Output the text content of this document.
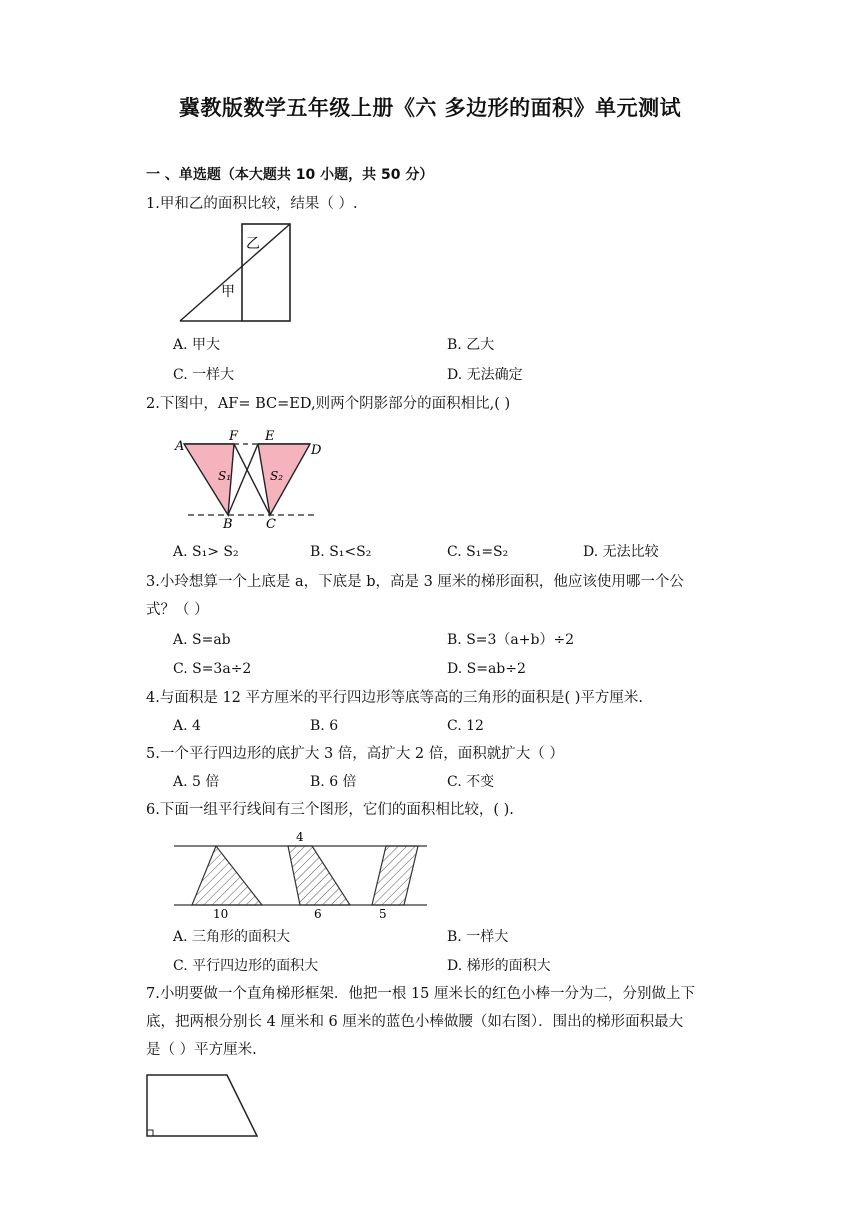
冀教版数学五年级上册《六 多边形的面积》单元测试
一 、单选题（本大题共 10 小题，共 50 分）
1.甲和乙的面积比较，结果（ ）.
乙
甲
A. 甲大	B. 乙大
C. 一样大	D. 无法确定
2.下图中，AF= BC=ED,则两个阴影部分的面积相比,( )
A
F E
D
B	C
S₁	S₂
A. S₁> S₂	B. S₁<S₂	C. S₁=S₂	D. 无法比较
3.小玲想算一个上底是 a，下底是 b，高是 3 厘米的梯形面积，他应该使用哪一个公
式？（ ）
A. S=ab	B. S=3（a+b）÷2
C. S=3a÷2	D. S=ab÷2
4.与面积是 12 平方厘米的平行四边形等底等高的三角形的面积是( )平方厘米.
A. 4	B. 6	C. 12
5.一个平行四边形的底扩大 3 倍，高扩大 2 倍，面积就扩大（ ）
A. 5 倍	B. 6 倍	C. 不变
6.下面一组平行线间有三个图形，它们的面积相比较，( ).
4
10	6	5
A. 三角形的面积大	B. 一样大
C. 平行四边形的面积大	D. 梯形的面积大
7.小明要做一个直角梯形框架．他把一根 15 厘米长的红色小棒一分为二，分别做上下
底，把两根分别长 4 厘米和 6 厘米的蓝色小棒做腰（如右图）．围出的梯形面积最大
是（ ）平方厘米.
